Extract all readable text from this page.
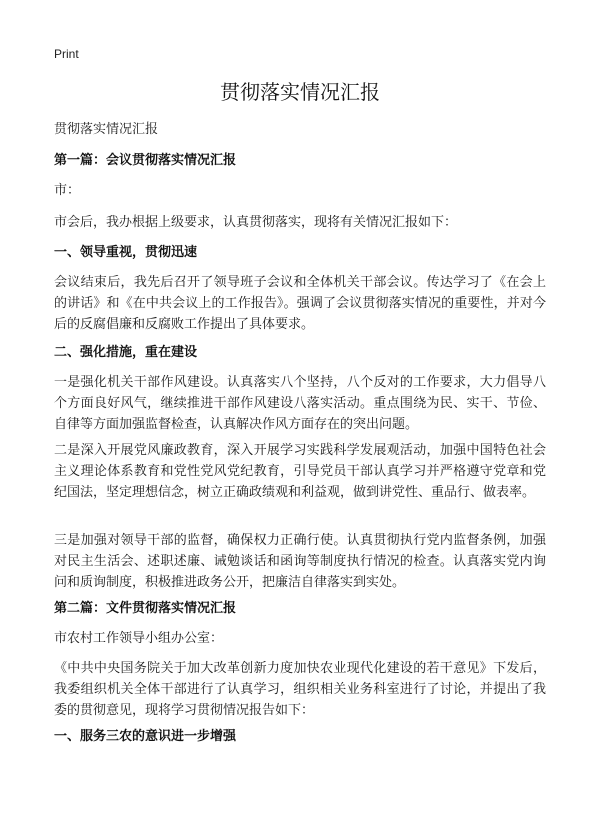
Print
贯彻落实情况汇报
贯彻落实情况汇报
第一篇：会议贯彻落实情况汇报
市：
市会后，我办根据上级要求，认真贯彻落实，现将有关情况汇报如下：
一、领导重视，贯彻迅速
会议结束后，我先后召开了领导班子会议和全体机关干部会议。传达学习了《在会上的讲话》和《在中共会议上的工作报告》。强调了会议贯彻落实情况的重要性，并对今后的反腐倡廉和反腐败工作提出了具体要求。
二、强化措施，重在建设
一是强化机关干部作风建设。认真落实八个坚持，八个反对的工作要求，大力倡导八个方面良好风气，继续推进干部作风建设八落实活动。重点围绕为民、实干、节俭、自律等方面加强监督检查，认真解决作风方面存在的突出问题。
二是深入开展党风廉政教育，深入开展学习实践科学发展观活动，加强中国特色社会主义理论体系教育和党性党风党纪教育，引导党员干部认真学习并严格遵守党章和党纪国法，坚定理想信念，树立正确政绩观和利益观，做到讲党性、重品行、做表率。
三是加强对领导干部的监督，确保权力正确行使。认真贯彻执行党内监督条例，加强对民主生活会、述职述廉、诫勉谈话和函询等制度执行情况的检查。认真落实党内询问和质询制度，积极推进政务公开，把廉洁自律落实到实处。
第二篇：文件贯彻落实情况汇报
市农村工作领导小组办公室：
《中共中央国务院关于加大改革创新力度加快农业现代化建设的若干意见》下发后，我委组织机关全体干部进行了认真学习，组织相关业务科室进行了讨论，并提出了我委的贯彻意见，现将学习贯彻情况报告如下：
一、服务三农的意识进一步增强
